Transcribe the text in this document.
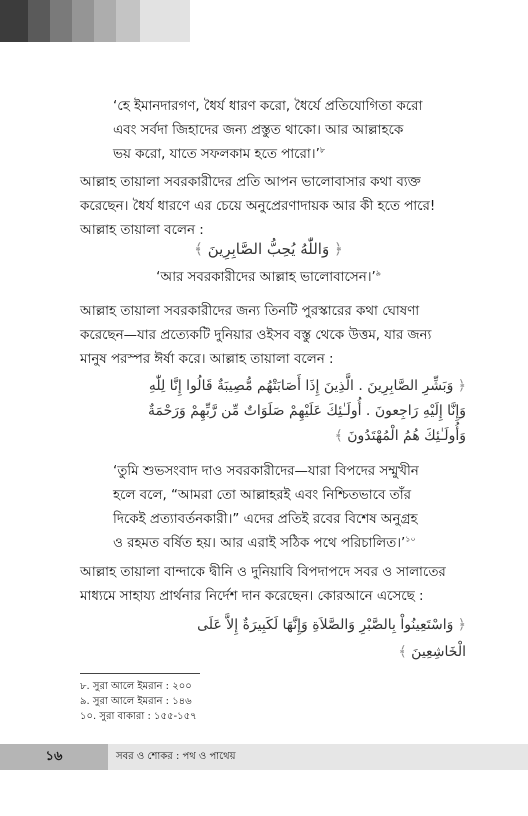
‘হে ইমানদারগণ, ধৈর্য ধারণ করো, ধৈর্যে প্রতিযোগিতা করো
এবং সর্বদা জিহাদের জন্য প্রস্তুত থাকো। আর আল্লাহকে
ভয় করো, যাতে সফলকাম হতে পারো।’$^৮$
আল্লাহ তায়ালা সবরকারীদের প্রতি আপন ভালোবাসার কথা ব্যক্ত
করেছেন। ধৈর্য ধারণে এর চেয়ে অনুপ্রেরণাদায়ক আর কী হতে পারে!
আল্লাহ তায়ালা বলেন :
﴿ وَاللّٰهُ يُحِبُّ الصَّابِرِينَ ﴾
‘আর সবরকারীদের আল্লাহ ভালোবাসেন।’$^৯$
আল্লাহ তায়ালা সবরকারীদের জন্য তিনটি পুরস্কারের কথা ঘোষণা
করেছেন—যার প্রত্যেকটি দুনিয়ার ওইসব বস্তু থেকে উত্তম, যার জন্য
মানুষ পরস্পর ঈর্ষা করে। আল্লাহ তায়ালা বলেন :
﴿ وَبَشِّرِ الصَّابِرِينَ . الَّذِينَ إِذَا أَصَابَتْهُم مُّصِيبَةٌ قَالُوا إِنَّا لِلّٰهِ
وَإِنَّا إِلَيْهِ رَاجِعونَ . أُولَـٰئِكَ عَلَيْهِمْ صَلَوَاتٌ مِّن رَّبِّهِمْ وَرَحْمَةٌ
وَأُولَـٰئِكَ هُمُ الْمُهْتَدُونَ ﴾
‘তুমি শুভসংবাদ দাও সবরকারীদের—যারা বিপদের সম্মুখীন
হলে বলে, “আমরা তো আল্লাহরই এবং নিশ্চিতভাবে তাঁর
দিকেই প্রত্যাবর্তনকারী।” এদের প্রতিই রবের বিশেষ অনুগ্রহ
ও রহমত বর্ষিত হয়। আর এরাই সঠিক পথে পরিচালিত।’$^{১০}$
আল্লাহ তায়ালা বান্দাকে দ্বীনি ও দুনিয়াবি বিপদাপদে সবর ও সালাতের
মাধ্যমে সাহায্য প্রার্থনার নির্দেশ দান করেছেন। কোরআনে এসেছে :
﴿ وَاسْتَعِينُواْ بِالصَّبْرِ وَالصَّلاَةِ وَإِنَّهَا لَكَبِيرَةٌ إِلاَّ عَلَى
الْخَاشِعِينَ ﴾
৮. সুরা আলে ইমরান : ২০০
৯. সুরা আলে ইমরান : ১৪৬
১০. সুরা বাকারা : ১৫৫-১৫৭
১৬	সবর ও শোকর : পথ ও পাথেয়
